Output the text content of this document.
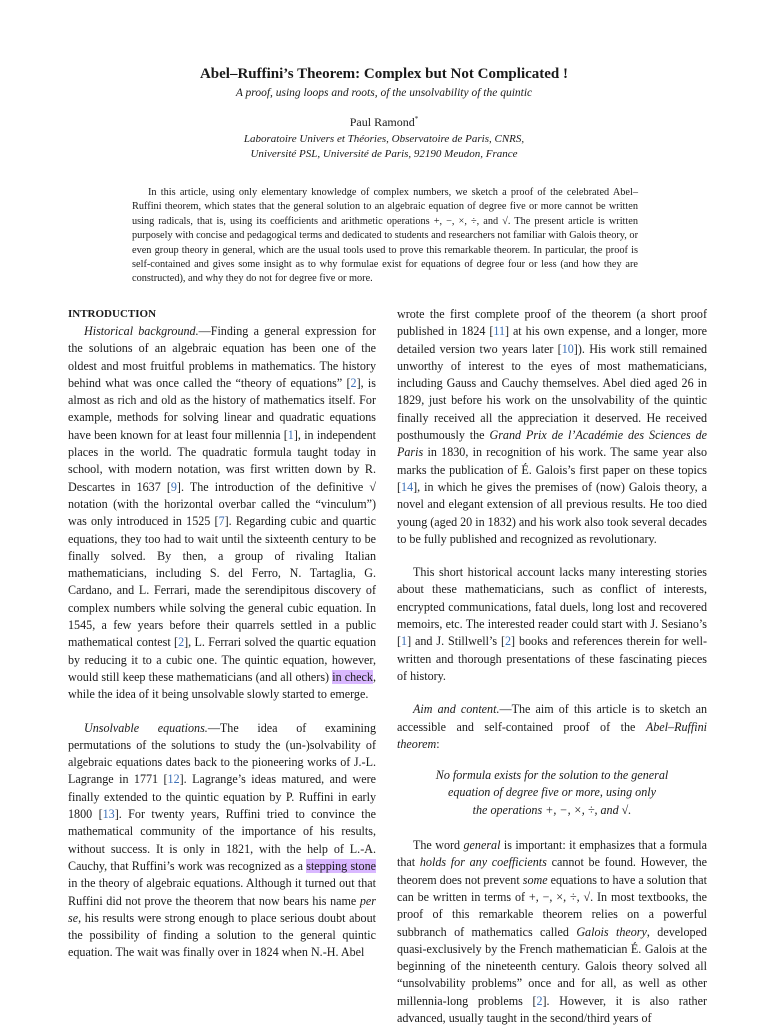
Abel–Ruffini’s Theorem: Complex but Not Complicated !

A proof, using loops and roots, of the unsolvability of the quintic

Paul Ramond*

Laboratoire Univers et Théories, Observatoire de Paris, CNRS,

Université PSL, Université de Paris, 92190 Meudon, France

In this article, using only elementary knowledge of complex numbers, we sketch a proof of the celebrated Abel–Ruffini theorem, which states that the general solution to an algebraic equation of degree five or more cannot be written using radicals, that is, using its coefficients and arithmetic operations +, −, ×, ÷, and √. The present article is written purposely with concise and pedagogical terms and dedicated to students and researchers not familiar with Galois theory, or even group theory in general, which are the usual tools used to prove this remarkable theorem. In particular, the proof is self-contained and gives some insight as to why formulae exist for equations of degree four or less (and how they are constructed), and why they do not for degree five or more.

INTRODUCTION

Historical background.—Finding a general expression for the solutions of an algebraic equation has been one of the oldest and most fruitful problems in mathematics. The history behind what was once called the “theory of equations” [2], is almost as rich and old as the history of mathematics itself. For example, methods for solving linear and quadratic equations have been known for at least four millennia [1], in independent places in the world. The quadratic formula taught today in school, with modern notation, was first written down by R. Descartes in 1637 [9]. The introduction of the definitive √ notation (with the horizontal overbar called the “vinculum”) was only introduced in 1525 [7]. Regarding cubic and quartic equations, they too had to wait until the sixteenth century to be finally solved. By then, a group of rivaling Italian mathematicians, including S. del Ferro, N. Tartaglia, G. Cardano, and L. Ferrari, made the serendipitous discovery of complex numbers while solving the general cubic equation. In 1545, a few years before their quarrels settled in a public mathematical contest [2], L. Ferrari solved the quartic equation by reducing it to a cubic one. The quintic equation, however, would still keep these mathematicians (and all others) in check, while the idea of it being unsolvable slowly started to emerge.

Unsolvable equations.—The idea of examining permutations of the solutions to study the (un-)solvability of algebraic equations dates back to the pioneering works of J.-L. Lagrange in 1771 [12]. Lagrange’s ideas matured, and were finally extended to the quintic equation by P. Ruffini in early 1800 [13]. For twenty years, Ruffini tried to convince the mathematical community of the importance of his results, without success. It is only in 1821, with the help of L.-A. Cauchy, that Ruffini’s work was recognized as a stepping stone in the theory of algebraic equations. Although it turned out that Ruffini did not prove the theorem that now bears his name per se, his results were strong enough to place serious doubt about the possibility of finding a solution to the general quintic equation. The wait was finally over in 1824 when N.-H. Abel

wrote the first complete proof of the theorem (a short proof published in 1824 [11] at his own expense, and a longer, more detailed version two years later [10]). His work still remained unworthy of interest to the eyes of most mathematicians, including Gauss and Cauchy themselves. Abel died aged 26 in 1829, just before his work on the unsolvability of the quintic finally received all the appreciation it deserved. He received posthumously the Grand Prix de l’Académie des Sciences de Paris in 1830, in recognition of his work. The same year also marks the publication of É. Galois’s first paper on these topics [14], in which he gives the premises of (now) Galois theory, a novel and elegant extension of all previous results. He too died young (aged 20 in 1832) and his work also took several decades to be fully published and recognized as revolutionary.

This short historical account lacks many interesting stories about these mathematicians, such as conflict of interests, encrypted communications, fatal duels, long lost and recovered memoirs, etc. The interested reader could start with J. Sesiano’s [1] and J. Stillwell’s [2] books and references therein for well-written and thorough presentations of these fascinating pieces of history.

Aim and content.—The aim of this article is to sketch an accessible and self-contained proof of the Abel–Ruffini theorem:

No formula exists for the solution to the general

equation of degree five or more, using only

the operations +, −, ×, ÷, and √.

The word general is important: it emphasizes that a formula that holds for any coefficients cannot be found. However, the theorem does not prevent some equations to have a solution that can be written in terms of +, −, ×, ÷, √. In most textbooks, the proof of this remarkable theorem relies on a powerful subbranch of mathematics called Galois theory, developed quasi-exclusively by the French mathematician É. Galois at the beginning of the nineteenth century. Galois theory solved all “unsolvability problems” once and for all, as well as other millennia-long problems [2]. However, it is also rather advanced, usually taught in the second/third years of
